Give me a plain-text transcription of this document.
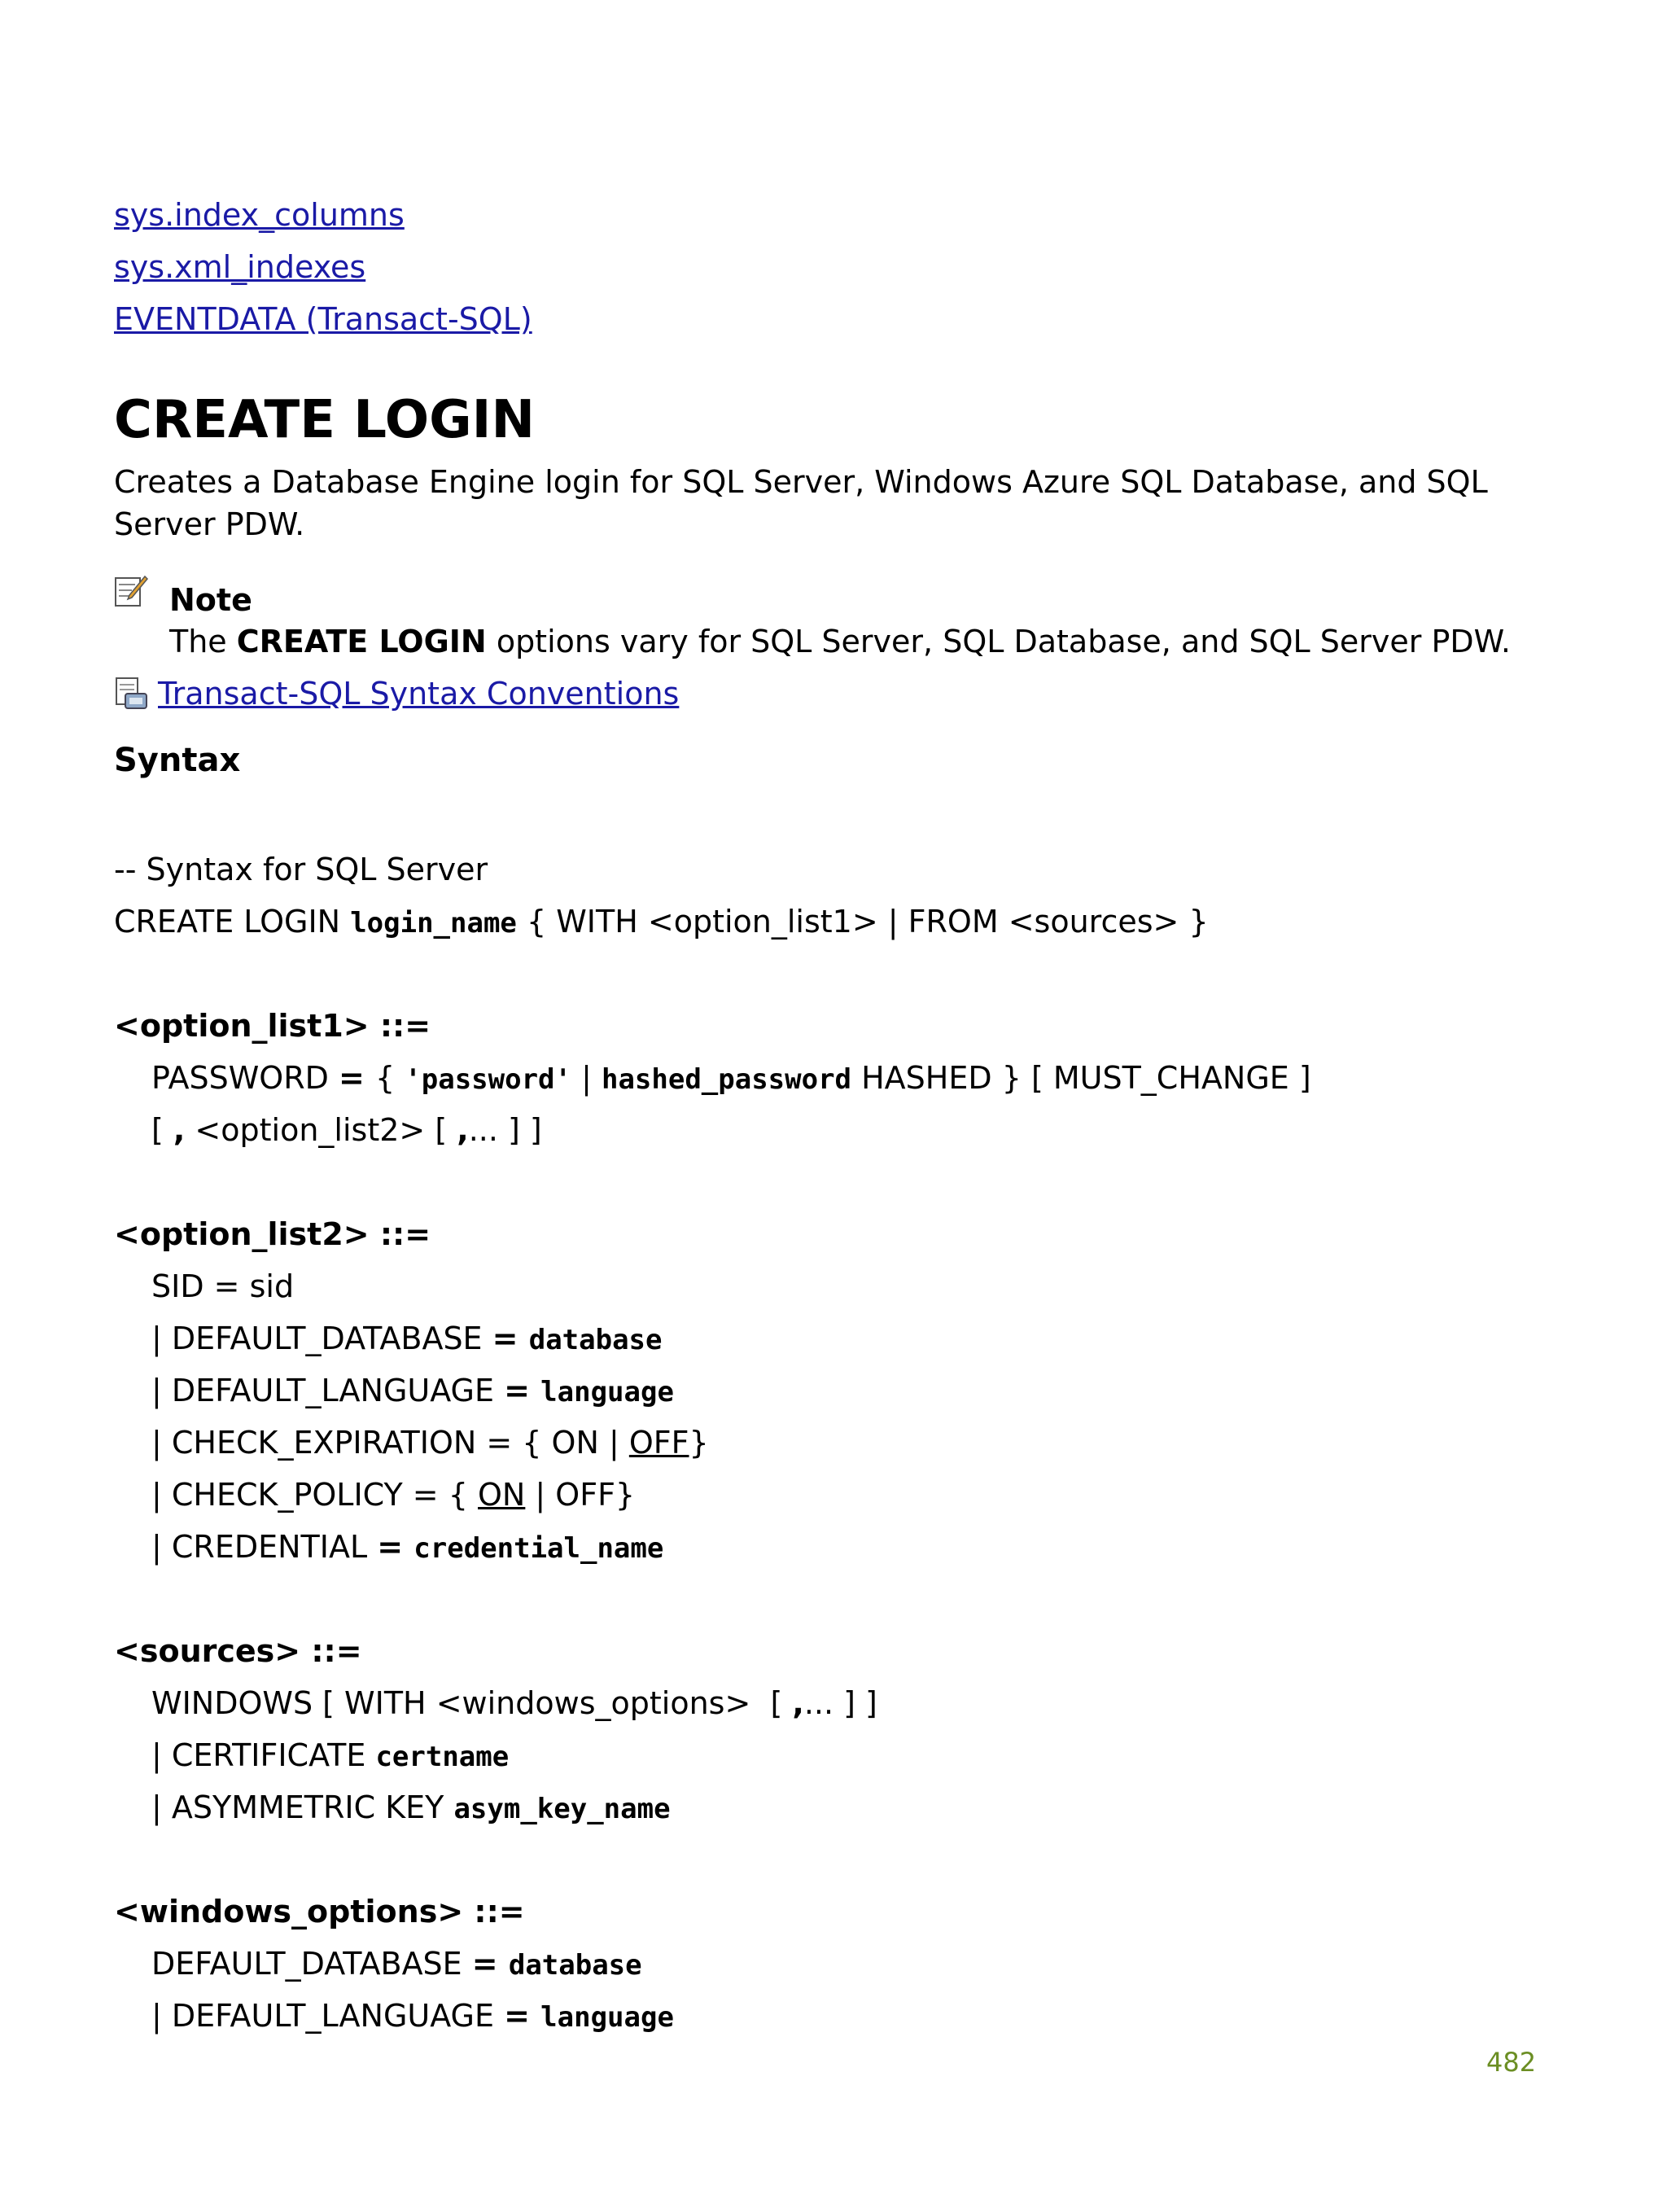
sys.index_columns
sys.xml_indexes
EVENTDATA (Transact-SQL)
CREATE LOGIN

Creates a Database Engine login for SQL Server, Windows Azure SQL Database, and SQL Server PDW.

Note
The CREATE LOGIN options vary for SQL Server, SQL Database, and SQL Server PDW.
Transact-SQL Syntax Conventions
Syntax
-- Syntax for SQL Server
CREATE LOGIN login_name { WITH <option_list1> | FROM <sources> }
<option_list1> ::=
PASSWORD = { 'password' | hashed_password HASHED } [ MUST_CHANGE ]
[ , <option_list2> [ ,... ] ]
<option_list2> ::=
SID = sid
| DEFAULT_DATABASE = database
| DEFAULT_LANGUAGE = language
| CHECK_EXPIRATION = { ON | OFF}
| CHECK_POLICY = { ON | OFF}
| CREDENTIAL = credential_name
<sources> ::=
WINDOWS [ WITH <windows_options>  [ ,... ] ]
| CERTIFICATE certname
| ASYMMETRIC KEY asym_key_name
<windows_options> ::=
DEFAULT_DATABASE = database
| DEFAULT_LANGUAGE = language
482
